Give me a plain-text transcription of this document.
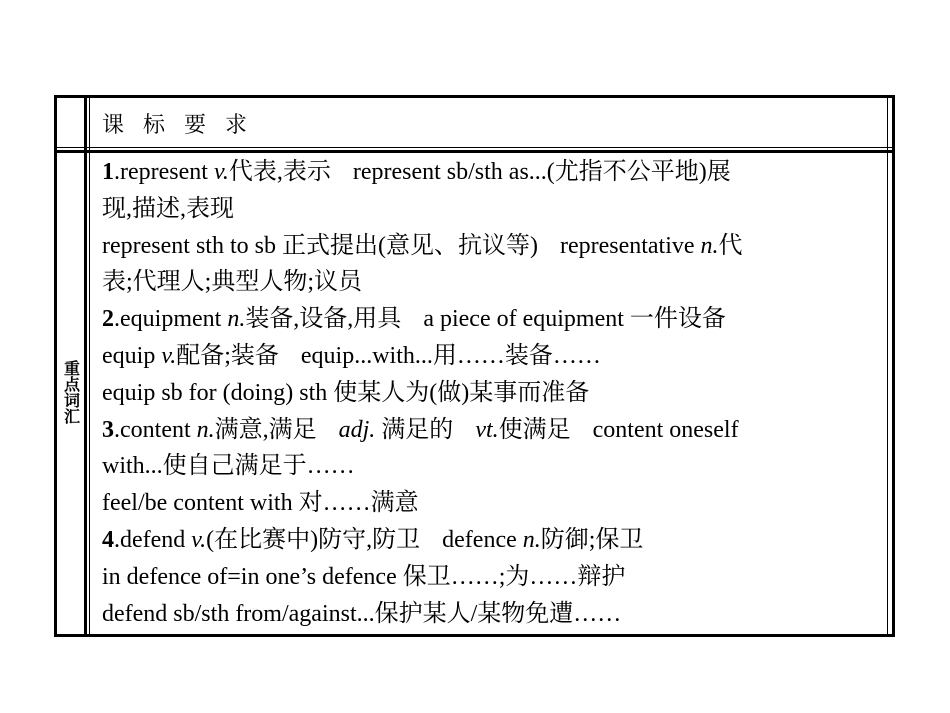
课 标 要 求
重点词汇
1.represent v.代表,表示 represent sb/sth as...(尤指不公平地)展
现,描述,表现
represent sth to sb 正式提出(意见、抗议等) representative n.代
表;代理人;典型人物;议员
2.equipment n.装备,设备,用具 a piece of equipment 一件设备
equip v.配备;装备 equip...with...用……装备……
equip sb for (doing) sth 使某人为(做)某事而准备
3.content n.满意,满足 adj. 满足的 vt.使满足 content oneself
with...使自己满足于……
feel/be content with 对……满意
4.defend v.(在比赛中)防守,防卫 defence n.防御;保卫
in defence of=in one’s defence 保卫……;为……辩护
defend sb/sth from/against...保护某人/某物免遭……
